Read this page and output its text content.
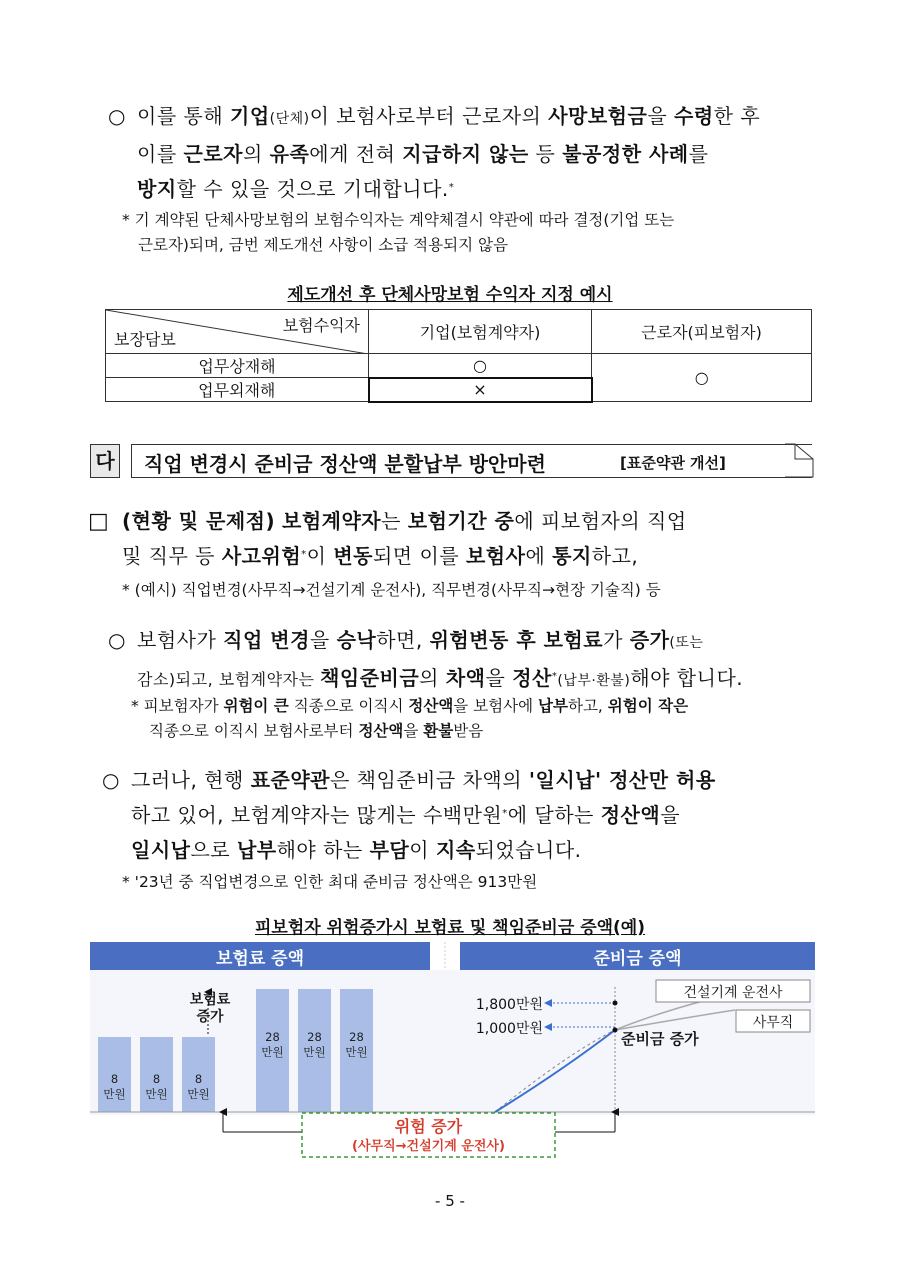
○ 이를 통해 기업(단체)이 보험사로부터 근로자의 사망보험금을 수령한 후
이를 근로자의 유족에게 전혀 지급하지 않는 등 불공정한 사례를
방지할 수 있을 것으로 기대합니다.*
* 기 계약된 단체사망보험의 보험수익자는 계약체결시 약관에 따라 결정(기업 또는
근로자)되며, 금번 제도개선 사항이 소급 적용되지 않음
제도개선 후 단체사망보험 수익자 지정 예시
보험수익자
보장담보	기업(보험계약자)	근로자(피보험자)
업무상재해	○	○
업무외재해	×	
다 직업 변경시 준비금 정산액 분할납부 방안마련	[표준약관 개선]
□ (현황 및 문제점) 보험계약자는 보험기간 중에 피보험자의 직업
및 직무 등 사고위험*이 변동되면 이를 보험사에 통지하고,
* (예시) 직업변경(사무직→건설기계 운전사), 직무변경(사무직→현장 기술직) 등
○ 보험사가 직업 변경을 승낙하면, 위험변동 후 보험료가 증가(또는
감소)되고, 보험계약자는 책임준비금의 차액을 정산*(납부·환불)해야 합니다.
* 피보험자가 위험이 큰 직종으로 이직시 정산액을 보험사에 납부하고, 위험이 작은
직종으로 이직시 보험사로부터 정산액을 환불받음
○ 그러나, 현행 표준약관은 책임준비금 차액의 '일시납' 정산만 허용
하고 있어, 보험계약자는 많게는 수백만원*에 달하는 정산액을
일시납으로 납부해야 하는 부담이 지속되었습니다.
* '23년 중 직업변경으로 인한 최대 준비금 정산액은 913만원
피보험자 위험증가시 보험료 및 책임준비금 증액(예)
보험료 증액	준비금 증액
보험료
증가
8
만원
8
만원
8
만원
28
만원
28
만원
28
만원
건설기계 운전사
사무직
1,800만원
1,000만원
준비금 증가
위험 증가
(사무직→건설기계 운전사)
- 5 -
